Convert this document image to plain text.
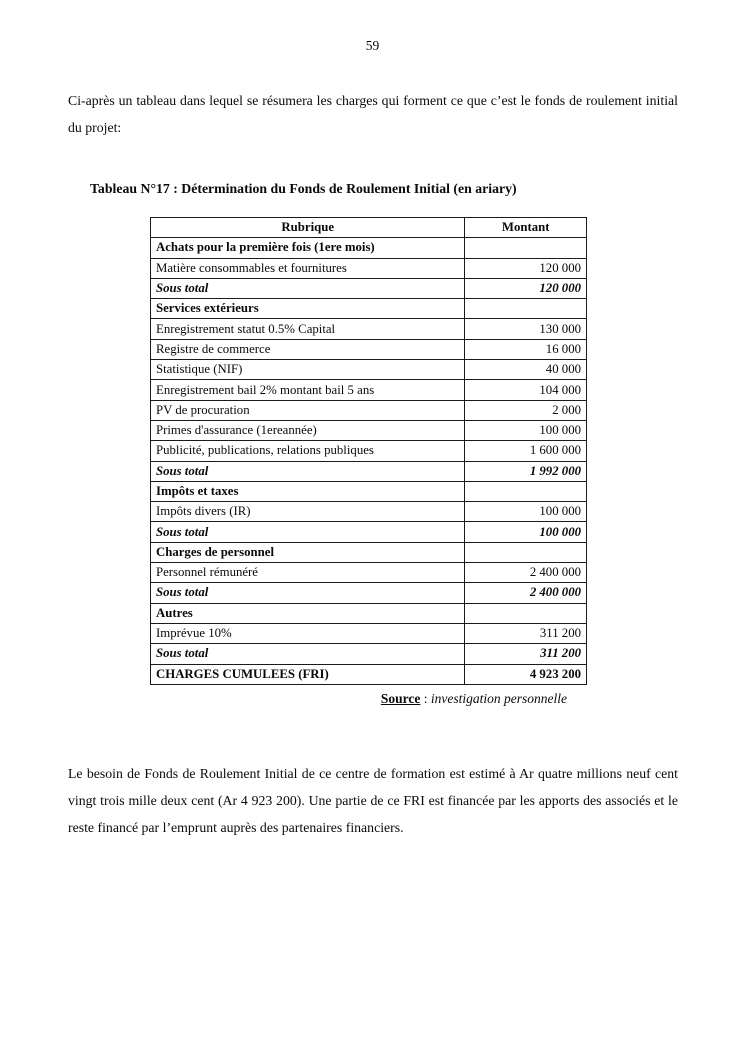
59
Ci-après un tableau dans lequel se résumera les charges qui forment ce que c’est le fonds de roulement initial du projet:
Tableau N°17 : Détermination du Fonds de Roulement Initial (en ariary)
Rubrique	Montant
Achats pour la première fois (1ere mois)	
Matière consommables et fournitures	120 000
Sous total	120 000
Services extérieurs	
Enregistrement statut 0.5% Capital	130 000
Registre de commerce	16 000
Statistique (NIF)	40 000
Enregistrement bail 2% montant bail 5 ans	104 000
PV de procuration	2 000
Primes d'assurance (1ereannée)	100 000
Publicité, publications, relations publiques	1 600 000
Sous total	1 992 000
Impôts et taxes	
Impôts divers (IR)	100 000
Sous total	100 000
Charges de personnel	
Personnel rémunéré	2 400 000
Sous total	2 400 000
Autres	
Imprévue 10%	311 200
Sous total	311 200
CHARGES CUMULEES (FRI)	4 923 200
Source : investigation personnelle
Le besoin de Fonds de Roulement Initial de ce centre de formation est estimé à Ar quatre millions neuf cent vingt trois mille deux cent (Ar 4 923 200). Une partie de ce FRI est financée par les apports des associés et le reste financé par l’emprunt auprès des partenaires financiers.
